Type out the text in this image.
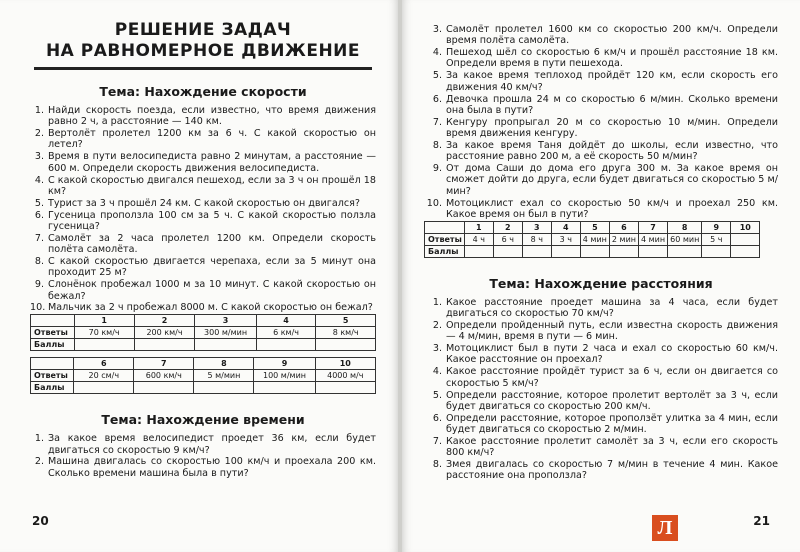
РЕШЕНИЕ ЗАДАЧ
НА РАВНОМЕРНОЕ ДВИЖЕНИЕ
Тема: Нахождение скорости
1. Найди скорость поезда, если известно, что время движения равно 2 ч, а расстояние — 140 км.
2. Вертолёт пролетел 1200 км за 6 ч. С какой скоростью он летел?
3. Время в пути велосипедиста равно 2 минутам, а расстояние — 600 м. Определи скорость движения велосипедиста.
4. С какой скоростью двигался пешеход, если за 3 ч он прошёл 18 км?
5. Турист за 3 ч прошёл 24 км. С какой скоростью он двигался?
6. Гусеница проползла 100 см за 5 ч. С какой скоростью ползла гусеница?
7. Самолёт за 2 часа пролетел 1200 км. Определи скорость полёта самолёта.
8. С какой скоростью двигается черепаха, если за 5 минут она проходит 25 м?
9. Слонёнок пробежал 1000 м за 10 минут. С какой скоростью он бежал?
10. Мальчик за 2 ч пробежал 8000 м. С какой скоростью он бежал?
	1	2	3	4	5
Ответы	70 км/ч	200 км/ч	300 м/мин	6 км/ч	8 км/ч
Баллы					
	6	7	8	9	10
Ответы	20 см/ч	600 км/ч	5 м/мин	100 м/мин	4000 м/ч
Баллы					
Тема: Нахождение времени
1. За какое время велосипедист проедет 36 км, если будет двигаться со скоростью 9 км/ч?
2. Машина двигалась со скоростью 100 км/ч и проехала 200 км. Сколько времени машина была в пути?
20
3. Самолёт пролетел 1600 км со скоростью 200 км/ч. Определи время полёта самолёта.
4. Пешеход шёл со скоростью 6 км/ч и прошёл расстояние 18 км. Определи время в пути пешехода.
5. За какое время теплоход пройдёт 120 км, если скорость его движения 40 км/ч?
6. Девочка прошла 24 м со скоростью 6 м/мин. Сколько времени она была в пути?
7. Кенгуру пропрыгал 20 м со скоростью 10 м/мин. Определи время движения кенгуру.
8. За какое время Таня дойдёт до школы, если известно, что расстояние равно 200 м, а её скорость 50 м/мин?
9. От дома Саши до дома его друга 300 м. За какое время он сможет дойти до друга, если будет двигаться со скоростью 5 м/мин?
10. Мотоциклист ехал со скоростью 50 км/ч и проехал 250 км. Какое время он был в пути?
	1	2	3	4	5	6	7	8	9	10
Ответы	4 ч	6 ч	8 ч	3 ч	4 мин	2 мин	4 мин	60 мин	5 ч	
Баллы										
Тема: Нахождение расстояния
1. Какое расстояние проедет машина за 4 часа, если будет двигаться со скоростью 70 км/ч?
2. Определи пройденный путь, если известна скорость движения — 4 м/мин, время в пути — 6 мин.
3. Мотоциклист был в пути 2 часа и ехал со скоростью 60 км/ч. Какое расстояние он проехал?
4. Какое расстояние пройдёт турист за 6 ч, если он двигается со скоростью 5 км/ч?
5. Определи расстояние, которое пролетит вертолёт за 3 ч, если будет двигаться со скоростью 200 км/ч.
6. Определи расстояние, которое проползёт улитка за 4 мин, если будет двигаться со скоростью 2 м/мин.
7. Какое расстояние пролетит самолёт за 3 ч, если его скорость 800 км/ч?
8. Змея двигалась со скоростью 7 м/мин в течение 4 мин. Какое расстояние она проползла?
21
Л
